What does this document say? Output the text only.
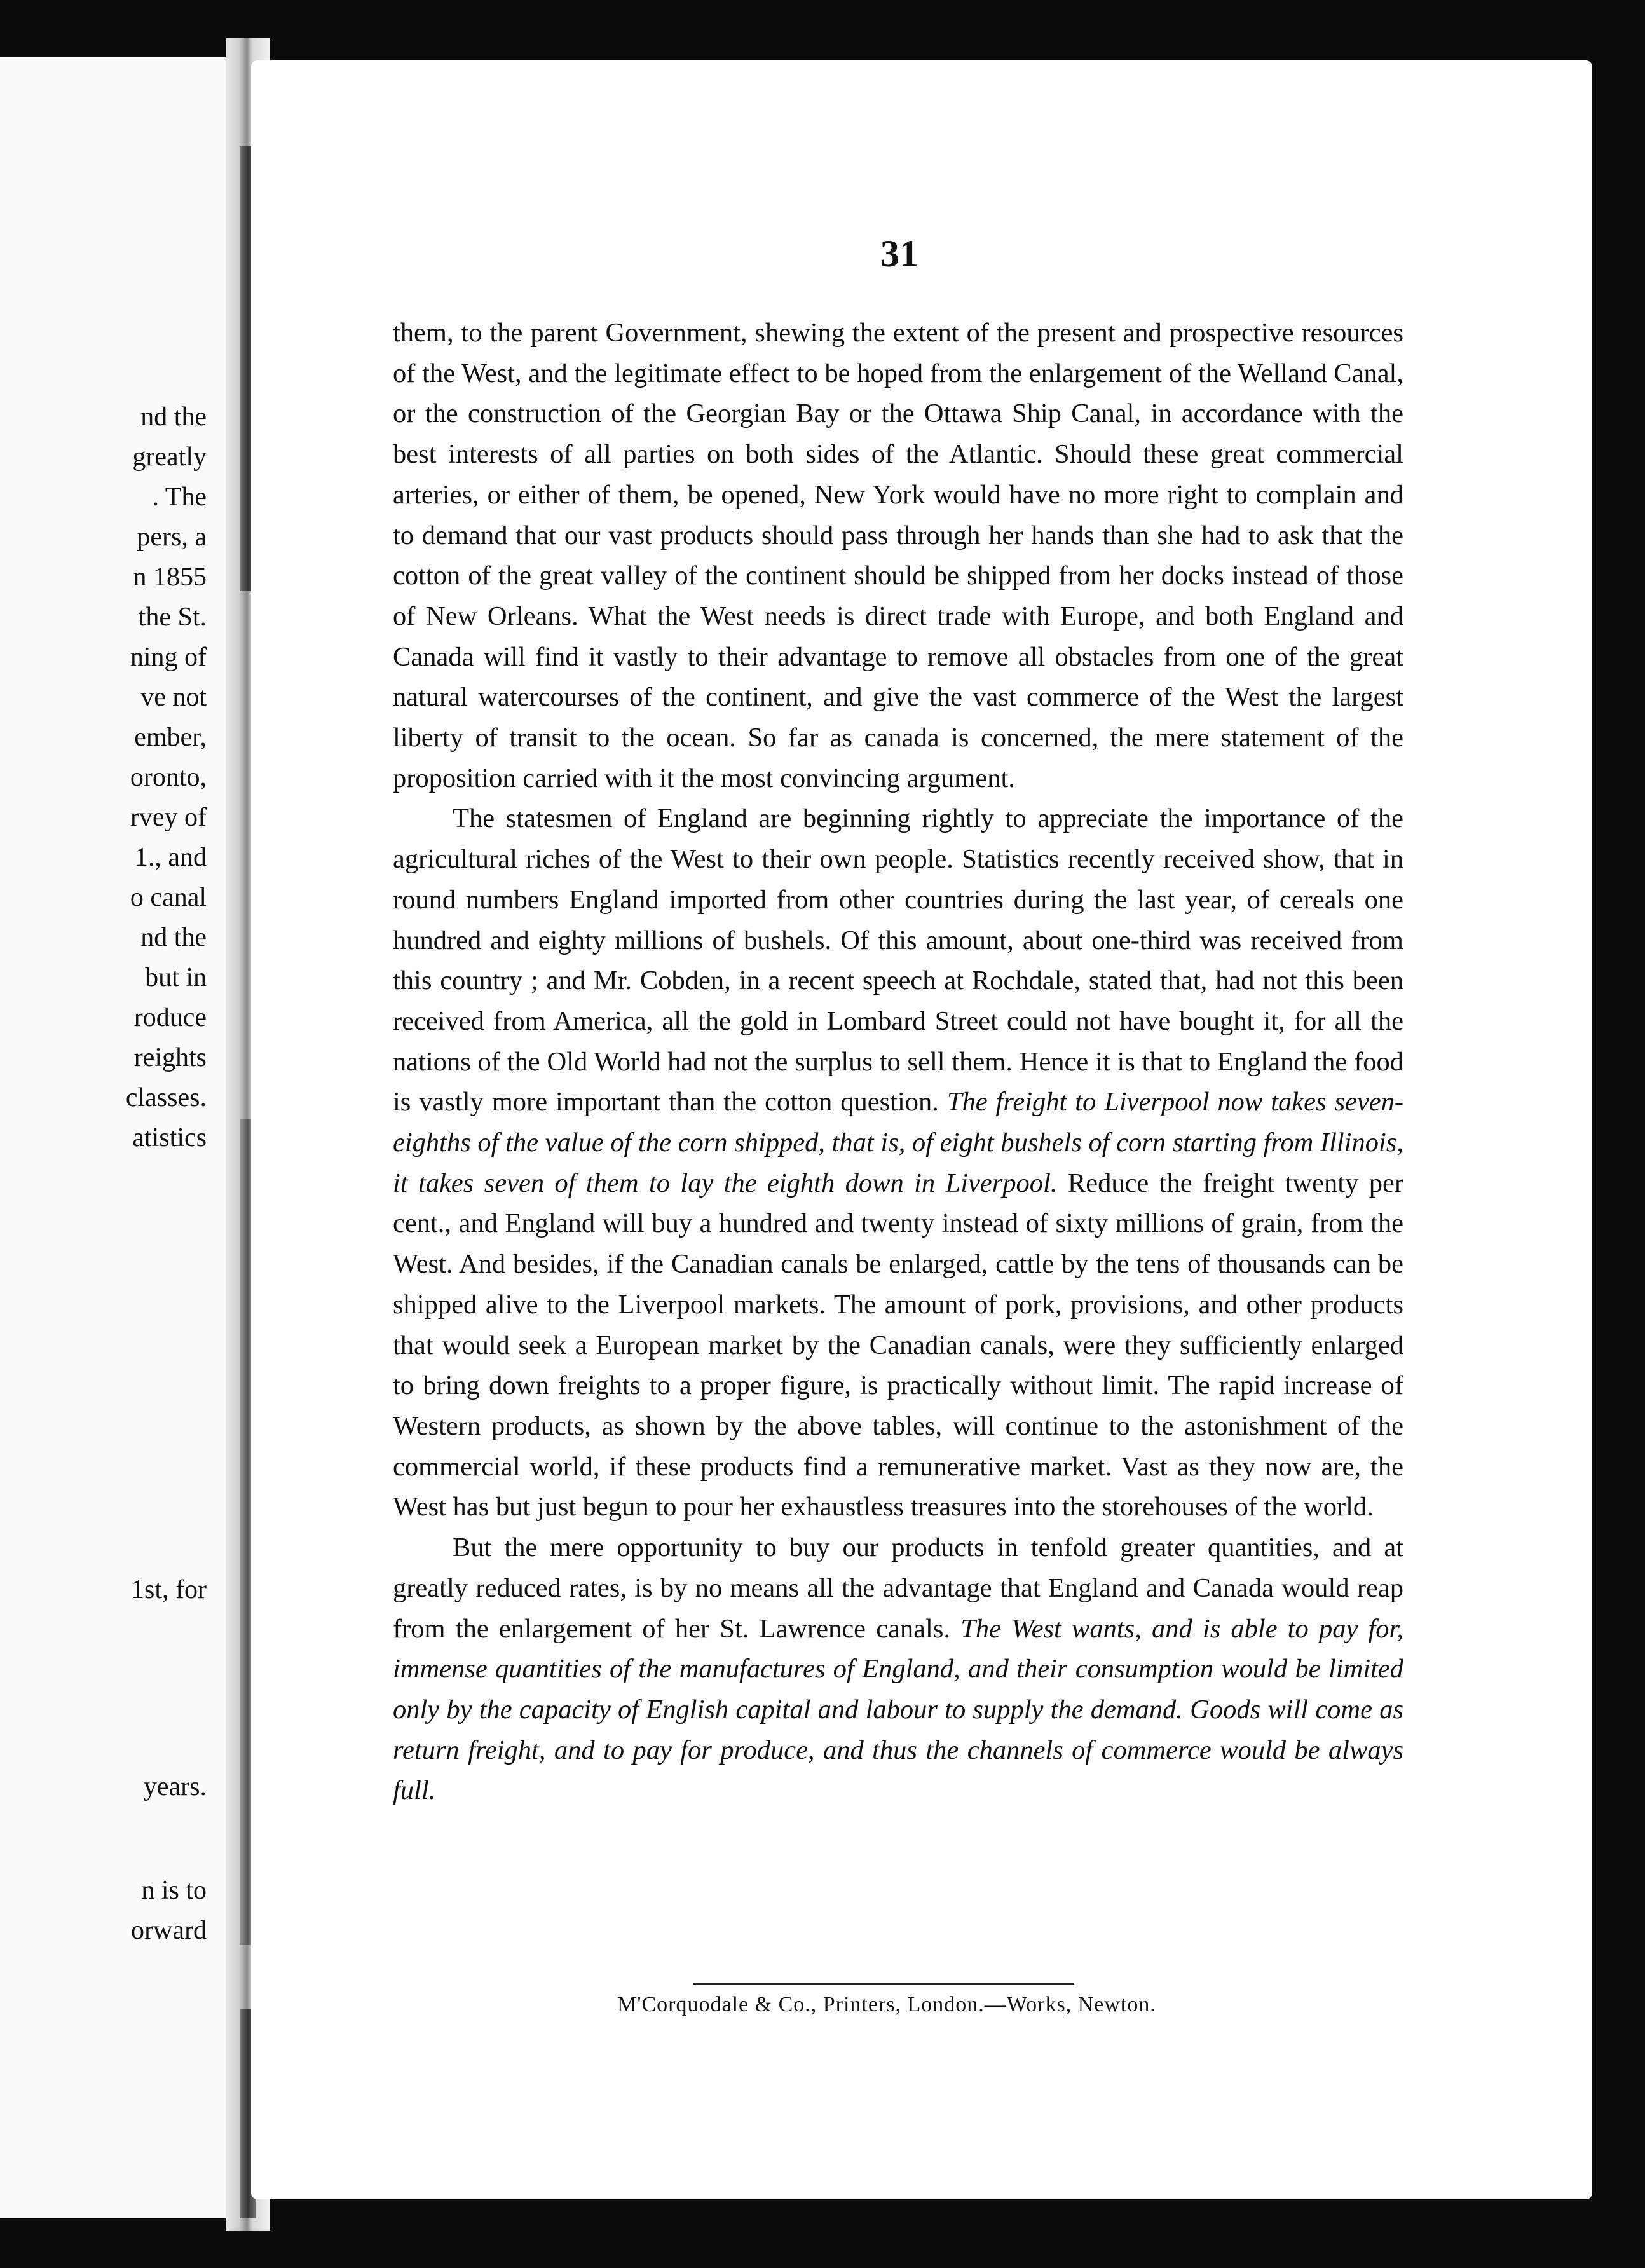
nd the
greatly
. The
pers, a
n 1855
the St.
ning of
ve not
ember,
oronto,
rvey of
1., and
o canal
nd the
but in
roduce
reights
classes.
atistics
1st, for
years.
n is to
orward
31

them, to the parent Government, shewing the extent of the present and prospective resources of the West, and the legitimate effect to be hoped from the enlargement of the Welland Canal, or the construction of the Georgian Bay or the Ottawa Ship Canal, in accordance with the best interests of all parties on both sides of the Atlantic. Should these great commercial arteries, or either of them, be opened, New York would have no more right to complain and to demand that our vast products should pass through her hands than she had to ask that the cotton of the great valley of the continent should be shipped from her docks instead of those of New Orleans. What the West needs is direct trade with Europe, and both England and Canada will find it vastly to their advantage to remove all obstacles from one of the great natural watercourses of the continent, and give the vast commerce of the West the largest liberty of transit to the ocean. So far as canada is concerned, the mere statement of the proposition carried with it the most convincing argument.

The statesmen of England are beginning rightly to appreciate the importance of the agricultural riches of the West to their own people. Statistics recently received show, that in round numbers England imported from other countries during the last year, of cereals one hundred and eighty millions of bushels. Of this amount, about one-third was received from this country ; and Mr. Cobden, in a recent speech at Rochdale, stated that, had not this been received from America, all the gold in Lombard Street could not have bought it, for all the nations of the Old World had not the surplus to sell them. Hence it is that to England the food is vastly more important than the cotton question. The freight to Liverpool now takes seven-eighths of the value of the corn shipped, that is, of eight bushels of corn starting from Illinois, it takes seven of them to lay the eighth down in Liverpool. Reduce the freight twenty per cent., and England will buy a hundred and twenty instead of sixty millions of grain, from the West. And besides, if the Canadian canals be enlarged, cattle by the tens of thousands can be shipped alive to the Liverpool markets. The amount of pork, provisions, and other products that would seek a European market by the Canadian canals, were they sufficiently enlarged to bring down freights to a proper figure, is practically without limit. The rapid increase of Western products, as shown by the above tables, will continue to the astonishment of the commercial world, if these products find a remunerative market. Vast as they now are, the West has but just begun to pour her exhaustless treasures into the storehouses of the world.

But the mere opportunity to buy our products in tenfold greater quantities, and at greatly reduced rates, is by no means all the advantage that England and Canada would reap from the enlargement of her St. Lawrence canals. The West wants, and is able to pay for, immense quantities of the manufactures of England, and their consumption would be limited only by the capacity of English capital and labour to supply the demand. Goods will come as return freight, and to pay for produce, and thus the channels of commerce would be always full.

M'Corquodale & Co., Printers, London.—Works, Newton.
